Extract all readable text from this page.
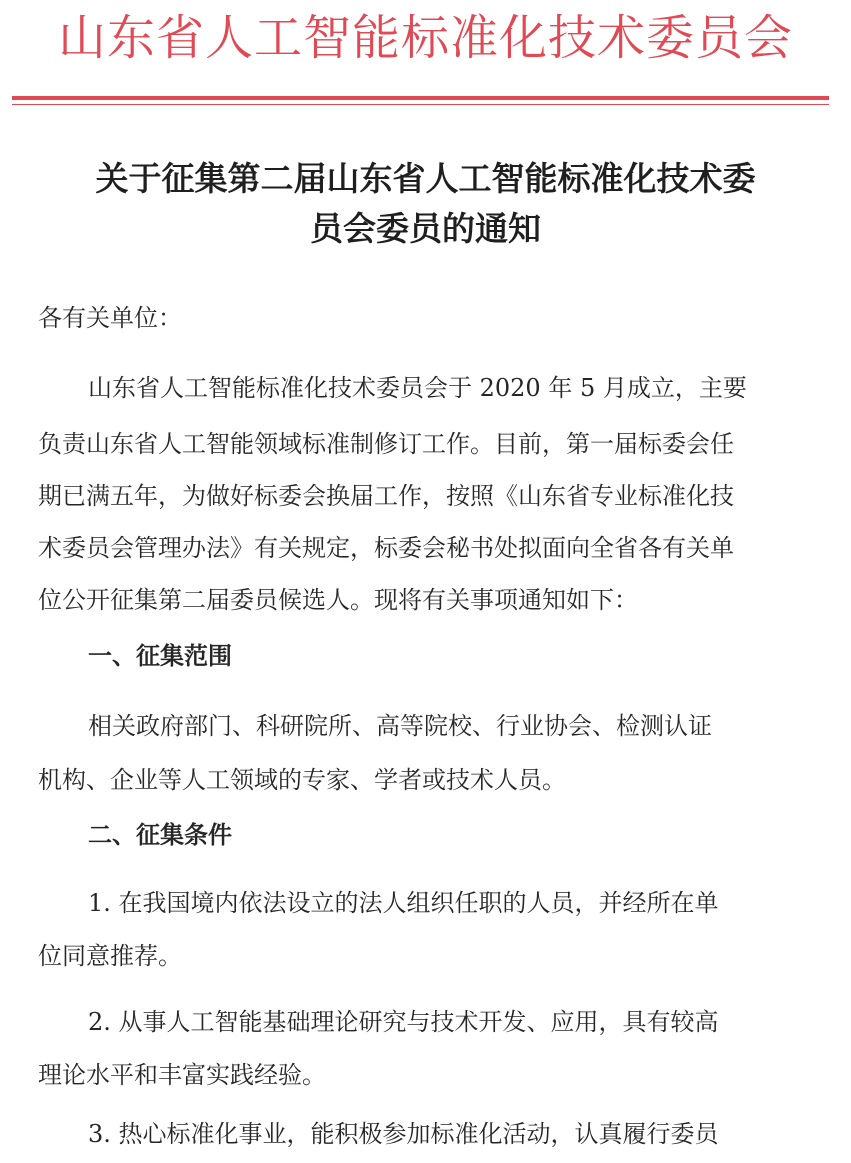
山东省人工智能标准化技术委员会
关于征集第二届山东省人工智能标准化技术委
员会委员的通知
各有关单位：
山东省人工智能标准化技术委员会于 2020 年 5 月成立，主要
负责山东省人工智能领域标准制修订工作。目前，第一届标委会任
期已满五年，为做好标委会换届工作，按照《山东省专业标准化技
术委员会管理办法》有关规定，标委会秘书处拟面向全省各有关单
位公开征集第二届委员候选人。现将有关事项通知如下：
一、征集范围
相关政府部门、科研院所、高等院校、行业协会、检测认证
机构、企业等人工领域的专家、学者或技术人员。
二、征集条件
1. 在我国境内依法设立的法人组织任职的人员，并经所在单
位同意推荐。
2. 从事人工智能基础理论研究与技术开发、应用，具有较高
理论水平和丰富实践经验。
3. 热心标准化事业，能积极参加标准化活动，认真履行委员
